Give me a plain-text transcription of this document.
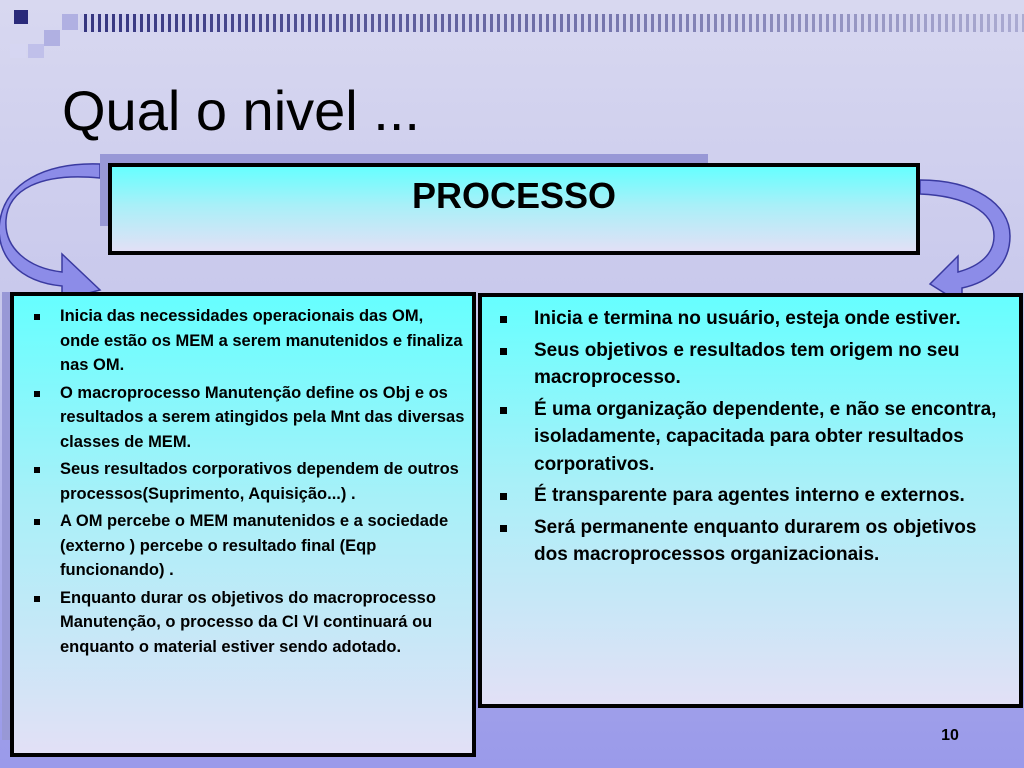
Qual o nivel ...
PROCESSO
Inicia das necessidades operacionais das OM, onde estão os MEM a serem manutenidos e finaliza nas OM.
O macroprocesso Manutenção define os Obj e os resultados a serem atingidos pela Mnt das diversas classes de MEM.
Seus resultados corporativos dependem de outros processos(Suprimento, Aquisição...) .
A OM percebe o MEM manutenidos e a sociedade (externo ) percebe o resultado final (Eqp funcionando) .
Enquanto durar os objetivos do macroprocesso Manutenção, o processo da Cl VI continuará ou enquanto o material estiver sendo adotado.
Inicia e termina no usuário, esteja onde estiver.
Seus objetivos e resultados tem origem no seu macroprocesso.
É uma organização dependente, e não se encontra, isoladamente, capacitada para obter resultados corporativos.
É transparente para agentes interno e externos.
Será permanente enquanto durarem os objetivos dos macroprocessos organizacionais.
10
